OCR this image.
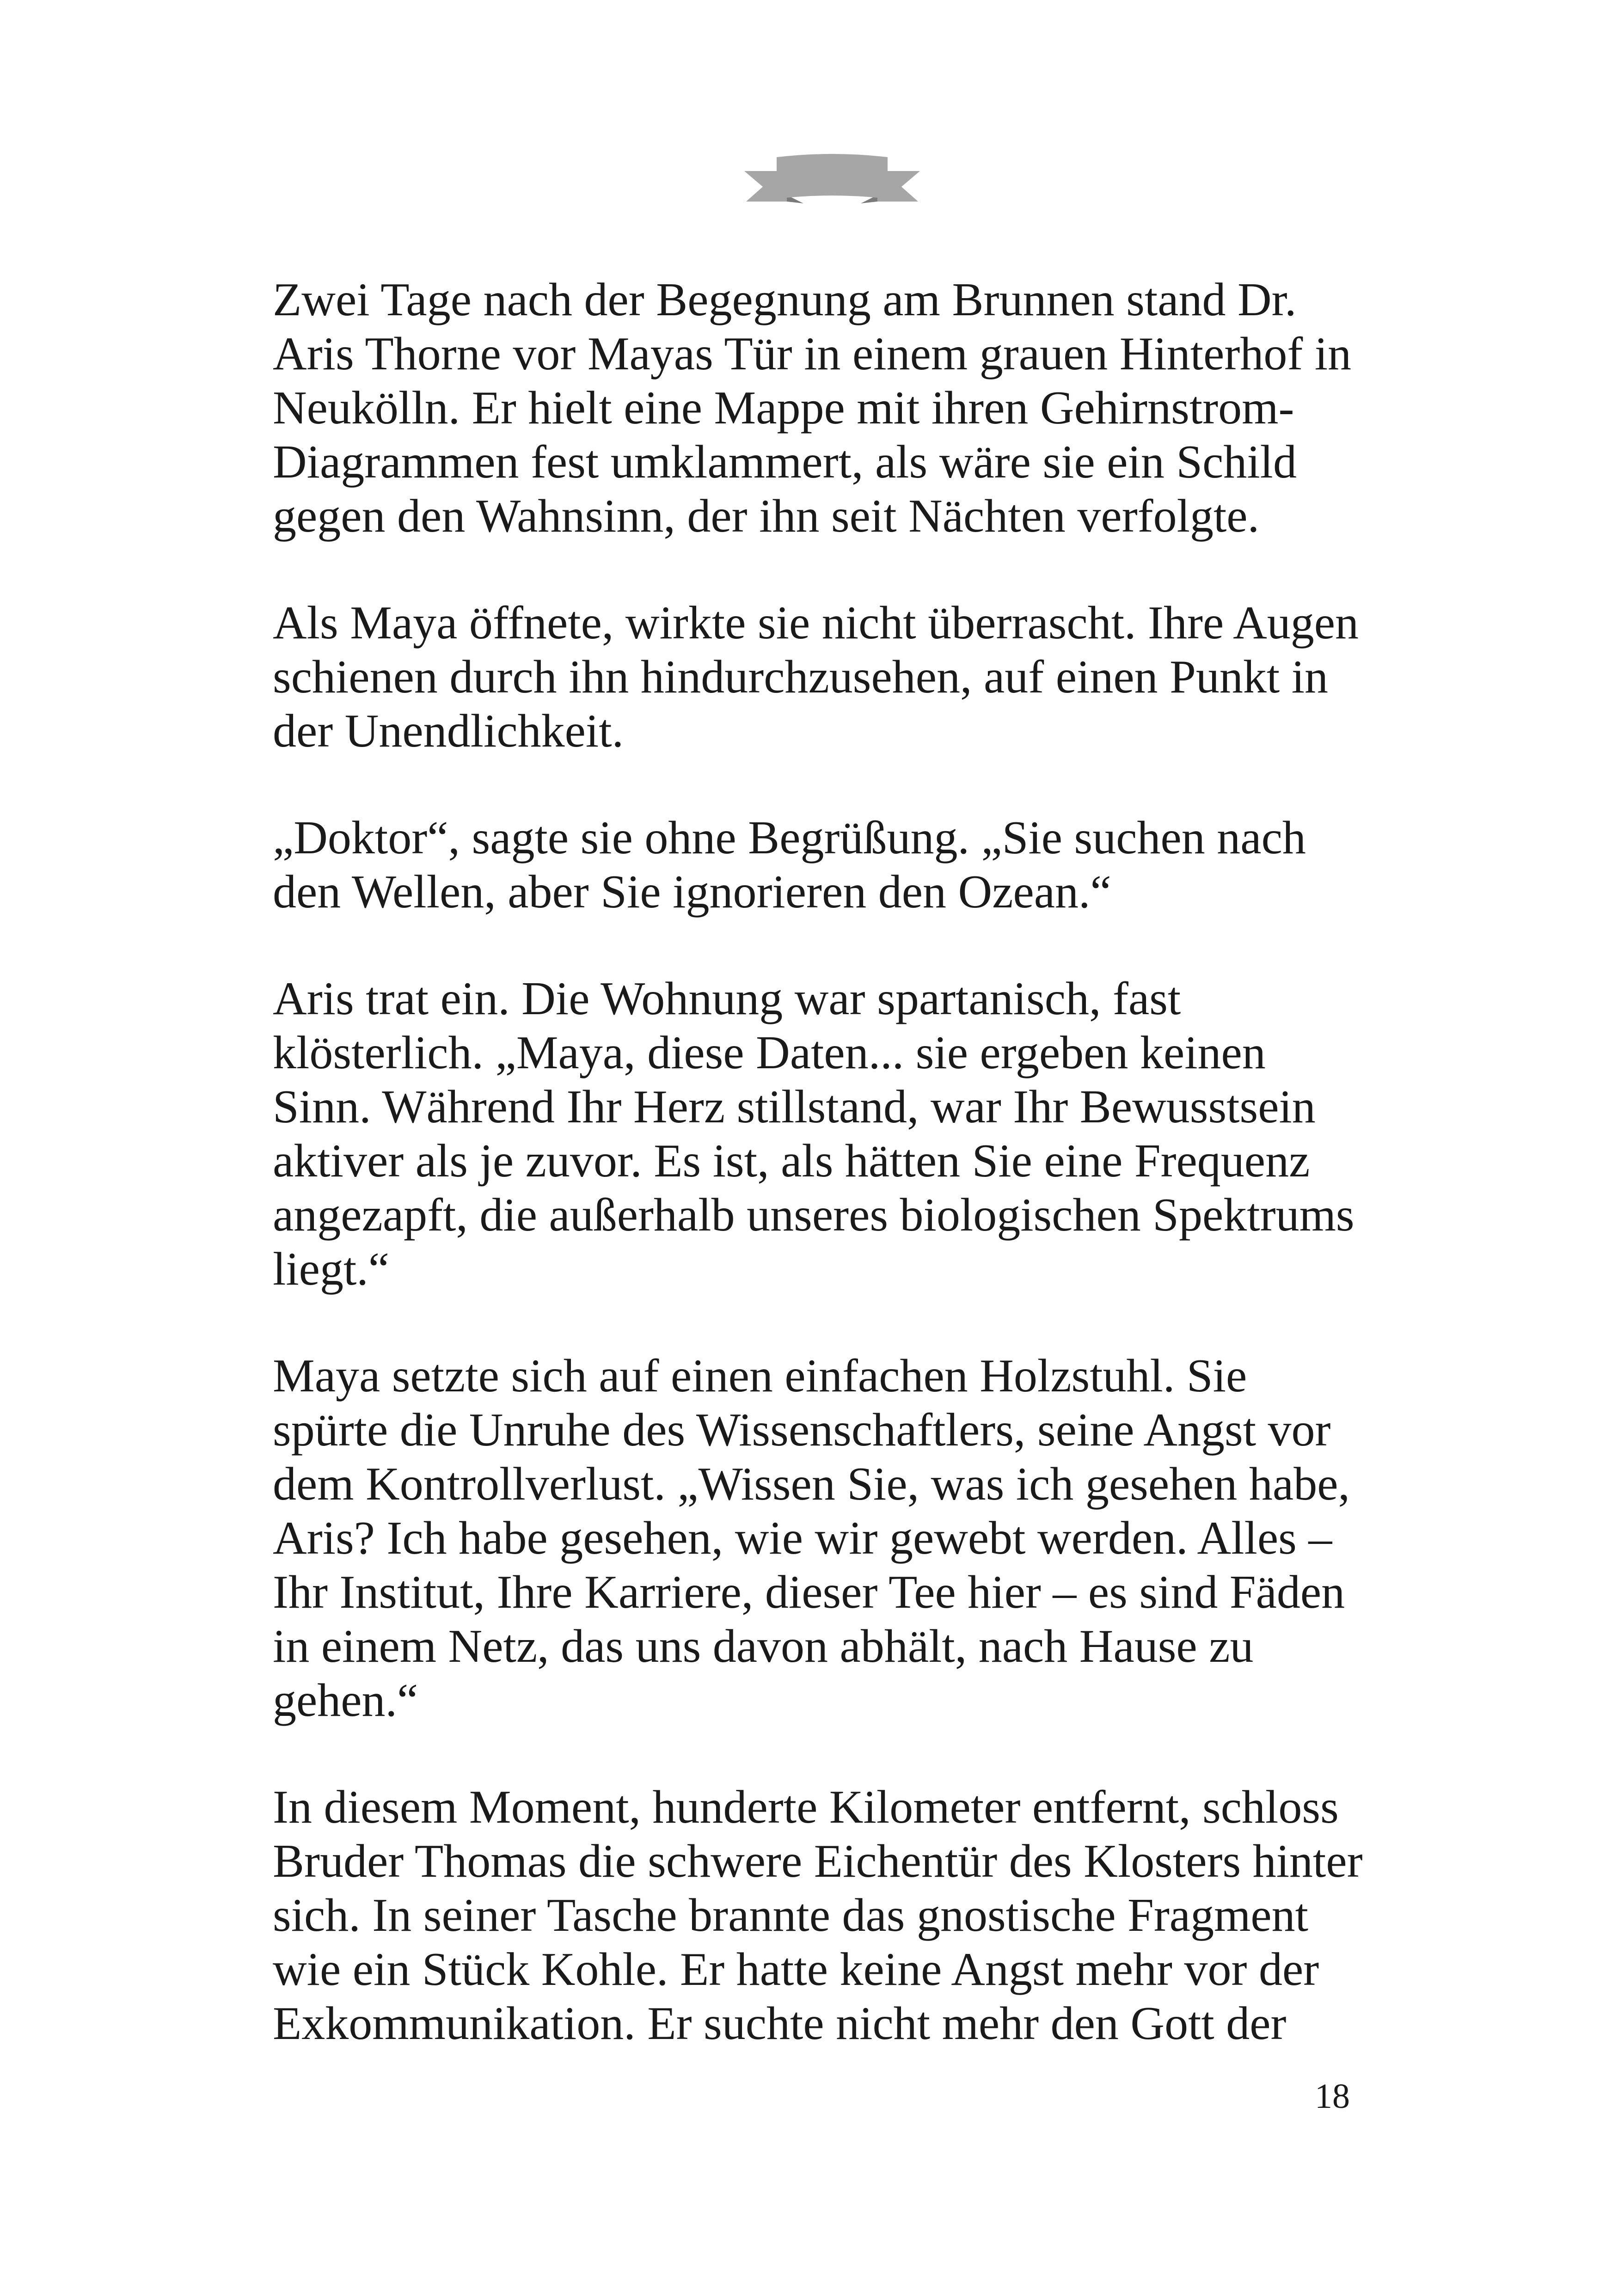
Zwei Tage nach der Begegnung am Brunnen stand Dr.
Aris Thorne vor Mayas Tür in einem grauen Hinterhof in
Neukölln. Er hielt eine Mappe mit ihren Gehirnstrom-
Diagrammen fest umklammert, als wäre sie ein Schild
gegen den Wahnsinn, der ihn seit Nächten verfolgte.

Als Maya öffnete, wirkte sie nicht überrascht. Ihre Augen
schienen durch ihn hindurchzusehen, auf einen Punkt in
der Unendlichkeit.

„Doktor“, sagte sie ohne Begrüßung. „Sie suchen nach
den Wellen, aber Sie ignorieren den Ozean.“

Aris trat ein. Die Wohnung war spartanisch, fast
klösterlich. „Maya, diese Daten... sie ergeben keinen
Sinn. Während Ihr Herz stillstand, war Ihr Bewusstsein
aktiver als je zuvor. Es ist, als hätten Sie eine Frequenz
angezapft, die außerhalb unseres biologischen Spektrums
liegt.“

Maya setzte sich auf einen einfachen Holzstuhl. Sie
spürte die Unruhe des Wissenschaftlers, seine Angst vor
dem Kontrollverlust. „Wissen Sie, was ich gesehen habe,
Aris? Ich habe gesehen, wie wir gewebt werden. Alles –
Ihr Institut, Ihre Karriere, dieser Tee hier – es sind Fäden
in einem Netz, das uns davon abhält, nach Hause zu
gehen.“

In diesem Moment, hunderte Kilometer entfernt, schloss
Bruder Thomas die schwere Eichentür des Klosters hinter
sich. In seiner Tasche brannte das gnostische Fragment
wie ein Stück Kohle. Er hatte keine Angst mehr vor der
Exkommunikation. Er suchte nicht mehr den Gott der

18
